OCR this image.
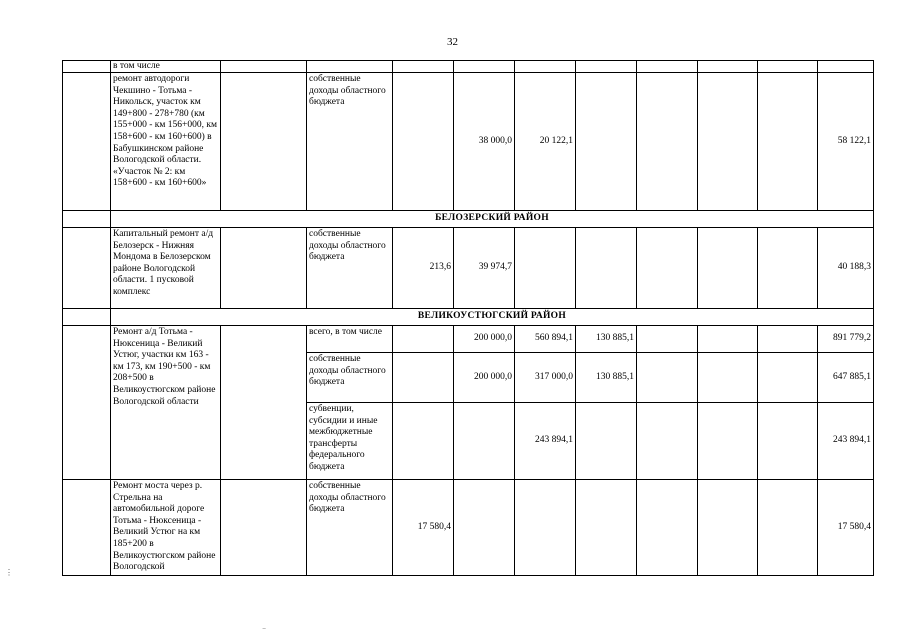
32
	в том числе										
	ремонт автодороги Чекшино - Тотьма - Никольск, участок км 149+800 - 278+780 (км 155+000 - км 156+000, км 158+600 - км 160+600) в Бабушкинском районе Вологодской области. «Участок № 2: км 158+600 - км 160+600»		собственные доходы областного бюджета		38 000,0	20 122,1					58 122,1
	БЕЛОЗЕРСКИЙ РАЙОН										
	Капитальный ремонт а/д Белозерск - Нижняя Мондома в Белозерском районе Вологодской области. 1 пусковой комплекс		собственные доходы областного бюджета	213,6	39 974,7						40 188,3
	ВЕЛИКОУСТЮГСКИЙ РАЙОН										
	Ремонт а/д Тотьма - Нюксеница - Великий Устюг, участки км 163 - км 173, км 190+500 - км 208+500 в Великоустюгском районе Вологодской области		всего, в том числе		200 000,0	560 894,1	130 885,1				891 779,2
			собственные доходы областного бюджета		200 000,0	317 000,0	130 885,1				647 885,1
			субвенции, субсидии и иные межбюджетные трансферты федерального бюджета			243 894,1					243 894,1
	Ремонт моста через р. Стрельна на автомобильной дороге Тотьма - Нюксеница - Великий Устюг на км 185+200 в Великоустюгском районе Вологодской		собственные доходы областного бюджета	17 580,4							17 580,4
⋮
⁻
